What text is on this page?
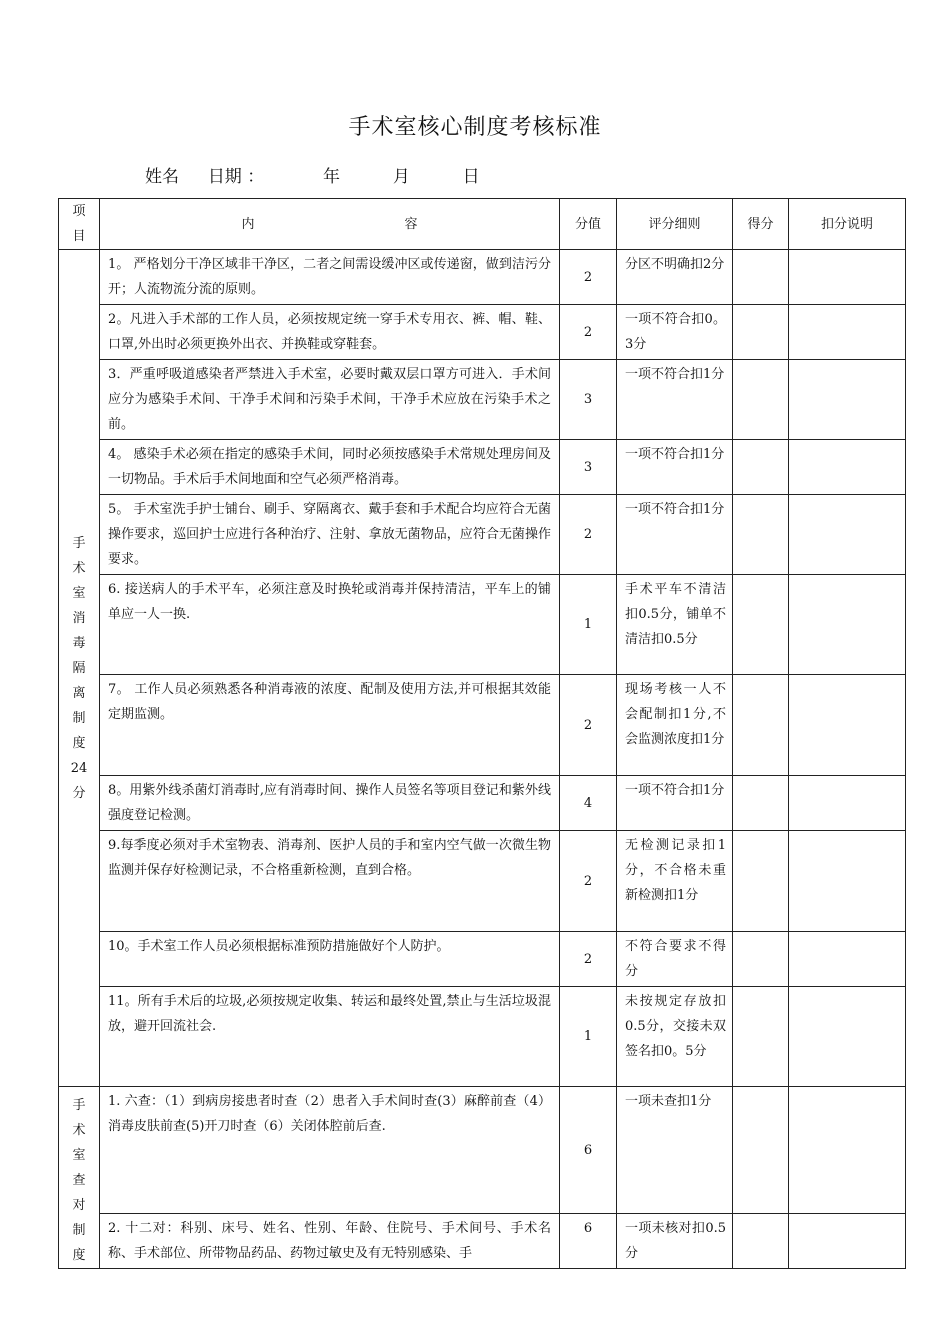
手术室核心制度考核标准
姓名 日期 ：	年	月	日
项目	内 容	分值	评分细则	得分	扣分说明
手术室消毒隔离制度24分	1。 严格划分干净区域非干净区，二者之间需设缓冲区或传递窗，做到洁污分开；人流物流分流的原则。	2	分区不明确扣2分		
	2。凡进入手术部的工作人员，必须按规定统一穿手术专用衣、裤、帽、鞋、口罩,外出时必须更换外出衣、并换鞋或穿鞋套。	2	一项不符合扣0。3分		
	3．严重呼吸道感染者严禁进入手术室，必要时戴双层口罩方可进入．手术间应分为感染手术间、干净手术间和污染手术间，干净手术应放在污染手术之前。	3	一项不符合扣1分		
	4。 感染手术必须在指定的感染手术间，同时必须按感染手术常规处理房间及一切物品。手术后手术间地面和空气必须严格消毒。	3	一项不符合扣1分		
	5。 手术室洗手护士铺台、刷手、穿隔离衣、戴手套和手术配合均应符合无菌操作要求，巡回护士应进行各种治疗、注射、拿放无菌物品，应符合无菌操作要求。	2	一项不符合扣1分		
	6. 接送病人的手术平车，必须注意及时换轮或消毒并保持清洁，平车上的铺单应一人一换.	1	手术平车不清洁扣0.5分，铺单不清洁扣0.5分		
	7。 工作人员必须熟悉各种消毒液的浓度、配制及使用方法,并可根据其效能定期监测。	2	现场考核一人不会配制扣1分,不会监测浓度扣1分		
	8。用紫外线杀菌灯消毒时,应有消毒时间、操作人员签名等项目登记和紫外线强度登记检测。	4	一项不符合扣1分		
	9.每季度必须对手术室物表、消毒剂、医护人员的手和室内空气做一次微生物监测并保存好检测记录，不合格重新检测，直到合格。	2	无检测记录扣1分，不合格未重新检测扣1分		
	10。手术室工作人员必须根据标准预防措施做好个人防护。	2	不符合要求不得分		
	11。所有手术后的垃圾,必须按规定收集、转运和最终处置,禁止与生活垃圾混放，避开回流社会.	1	未按规定存放扣0.5分，交接未双签名扣0。5分		
手术室查对制度	1. 六查：（1）到病房接患者时查（2）患者入手术间时查(3）麻醉前查（4）消毒皮肤前查(5)开刀时查（6）关闭体腔前后查.	6	一项未查扣1分		
	2. 十二对：科别、床号、姓名、性别、年龄、住院号、手术间号、手术名称、手术部位、所带物品药品、药物过敏史及有无特别感染、手	6	一项未核对扣0.5分		
